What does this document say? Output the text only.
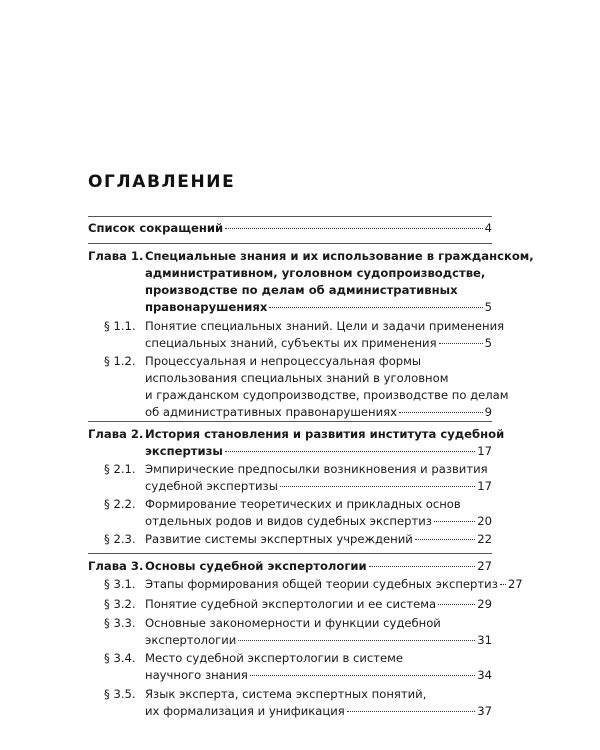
ОГЛАВЛЕНИЕ
Список сокращений	4
Глава 1. Специальные знания и их использование в гражданском,
административном, уголовном судопроизводстве,
производстве по делам об административных
правонарушениях	5
§ 1.1. Понятие специальных знаний. Цели и задачи применения
специальных знаний, субъекты их применения	5
§ 1.2. Процессуальная и непроцессуальная формы
использования специальных знаний в уголовном
и гражданском судопроизводстве, производстве по делам
об административных правонарушениях	9
Глава 2. История становления и развития института судебной
экспертизы	17
§ 2.1. Эмпирические предпосылки возникновения и развития
судебной экспертизы	17
§ 2.2. Формирование теоретических и прикладных основ
отдельных родов и видов судебных экспертиз	20
§ 2.3. Развитие системы экспертных учреждений	22
Глава 3. Основы судебной экспертологии	27
§ 3.1. Этапы формирования общей теории судебных экспертиз 27
§ 3.2. Понятие судебной экспертологии и ее система	29
§ 3.3. Основные закономерности и функции судебной
экспертологии	31
§ 3.4. Место судебной экспертологии в системе
научного знания	34
§ 3.5. Язык эксперта, система экспертных понятий,
их формализация и унификация	37
